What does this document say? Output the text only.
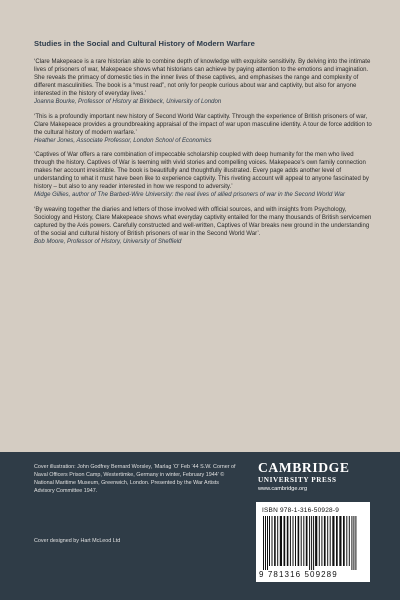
Studies in the Social and Cultural History of Modern Warfare
‘Clare Makepeace is a rare historian able to combine depth of knowledge with exquisite sensitivity. By delving into the intimate lives of prisoners of war, Makepeace shows what historians can achieve by paying attention to the emotions and imagination. She reveals the primacy of domestic ties in the inner lives of these captives, and emphasises the range and complexity of different masculinities. The book is a “must read”, not only for people curious about war and captivity, but also for anyone interested in the history of everyday lives.’
Joanna Bourke, Professor of History at Birkbeck, University of London
‘This is a profoundly important new history of Second World War captivity. Through the experience of British prisoners of war, Clare Makepeace provides a groundbreaking appraisal of the impact of war upon masculine identity. A tour de force addition to the cultural history of modern warfare.’
Heather Jones, Associate Professor, London School of Economics
‘Captives of War offers a rare combination of impeccable scholarship coupled with deep humanity for the men who lived through the history. Captives of War is teeming with vivid stories and compelling voices. Makepeace's own family connection makes her account irresistible. The book is beautifully and thoughtfully illustrated. Every page adds another level of understanding to what it must have been like to experience captivity. This riveting account will appeal to anyone fascinated by history – but also to any reader interested in how we respond to adversity.’
Midge Gillies, author of The Barbed-Wire University: the real lives of allied prisoners of war in the Second World War
‘By weaving together the diaries and letters of those involved with official sources, and with insights from Psychology, Sociology and History, Clare Makepeace shows what everyday captivity entailed for the many thousands of British servicemen captured by the Axis powers. Carefully constructed and well-written, Captives of War breaks new ground in the understanding of the social and cultural history of British prisoners of war in the Second World War’.
Bob Moore, Professor of History, University of Sheffield
Cover illustration: John Godfrey Bernard Worsley, ‘Marlag ‘O’ Feb ‘44 S.W. Corner of Naval Officers Prison Camp, Westertimke, Germany in winter, February 1944’ © National Maritime Museum, Greenwich, London. Presented by the War Artists Advisory Committee 1947.
Cover designed by Hart McLeod Ltd
CAMBRIDGE
UNIVERSITY PRESS
www.cambridge.org
ISBN 978-1-316-50928-9
9 781316 509289
